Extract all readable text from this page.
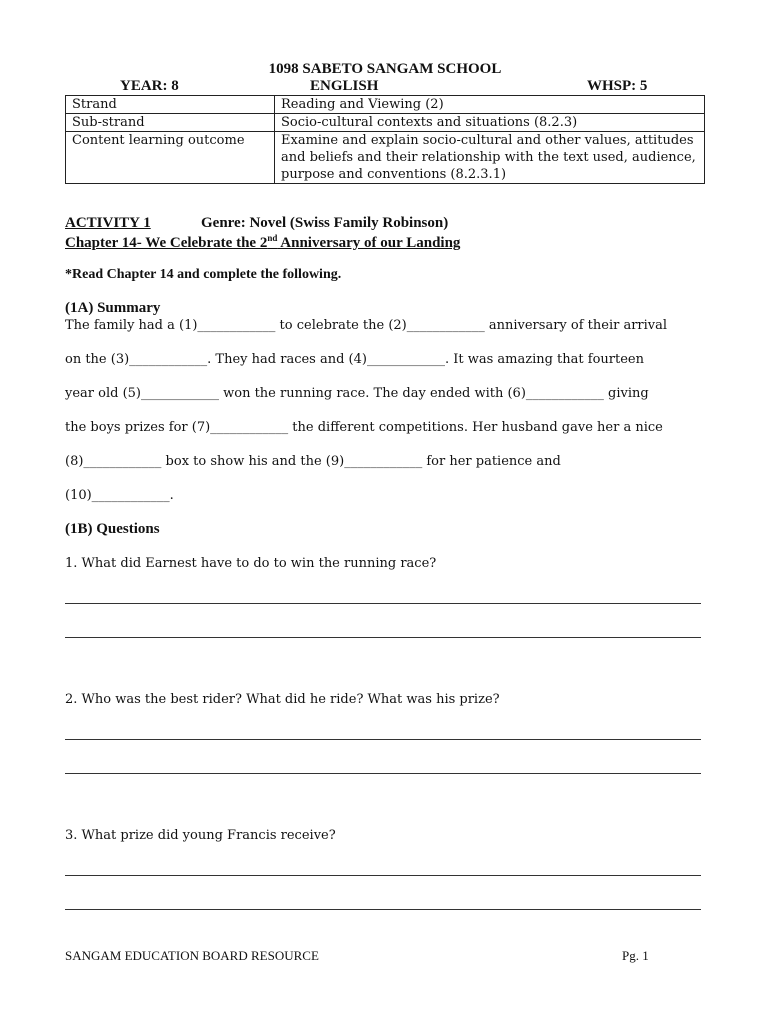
1098 SABETO SANGAM SCHOOL
YEAR: 8	ENGLISH	WHSP: 5
Strand	Reading and Viewing (2)
Sub-strand	Socio-cultural contexts and situations (8.2.3)
Content learning outcome	Examine and explain socio-cultural and other values, attitudes
and beliefs and their relationship with the text used, audience,
purpose and conventions (8.2.3.1)
ACTIVITY 1	Genre: Novel (Swiss Family Robinson)
Chapter 14- We Celebrate the 2nd Anniversary of our Landing
*Read Chapter 14 and complete the following.
(1A) Summary
The family had a (1)____________ to celebrate the (2)____________ anniversary of their arrival
on the (3)____________. They had races and (4)____________. It was amazing that fourteen
year old (5)____________ won the running race. The day ended with (6)____________ giving
the boys prizes for (7)____________ the different competitions. Her husband gave her a nice
(8)____________ box to show his and the (9)____________ for her patience and
(10)____________.
(1B) Questions
1. What did Earnest have to do to win the running race?
2. Who was the best rider? What did he ride? What was his prize?
3. What prize did young Francis receive?
SANGAM EDUCATION BOARD RESOURCE	Pg. 1
